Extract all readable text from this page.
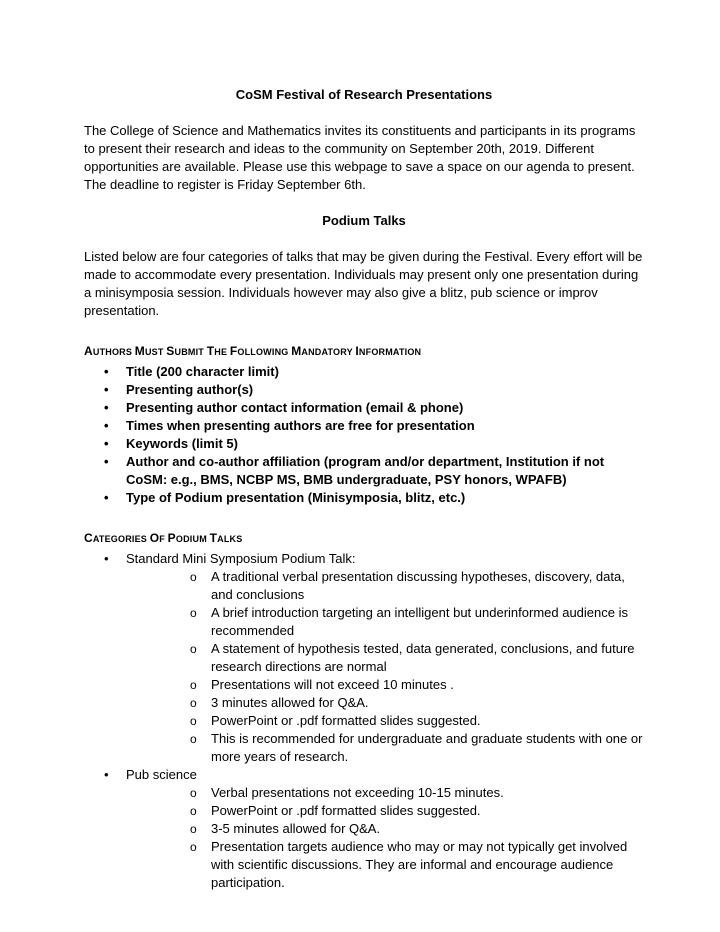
CoSM Festival of Research Presentations

The College of Science and Mathematics invites its constituents and participants in its programs to present their research and ideas to the community on September 20th, 2019. Different opportunities are available. Please use this webpage to save a space on our agenda to present. The deadline to register is Friday September 6th.

Podium Talks

Listed below are four categories of talks that may be given during the Festival. Every effort will be made to accommodate every presentation. Individuals may present only one presentation during a minisymposia session. Individuals however may also give a blitz, pub science or improv presentation.

AUTHORS MUST SUBMIT THE FOLLOWING MANDATORY INFORMATION
• Title (200 character limit)
• Presenting author(s)
• Presenting author contact information (email & phone)
• Times when presenting authors are free for presentation
• Keywords (limit 5)
• Author and co-author affiliation (program and/or department, Institution if not CoSM: e.g., BMS, NCBP MS, BMB undergraduate, PSY honors, WPAFB)
• Type of Podium presentation (Minisymposia, blitz, etc.)
CATEGORIES OF PODIUM TALKS
• Standard Mini Symposium Podium Talk:
o A traditional verbal presentation discussing hypotheses, discovery, data, and conclusions
o A brief introduction targeting an intelligent but underinformed audience is recommended
o A statement of hypothesis tested, data generated, conclusions, and future research directions are normal
o Presentations will not exceed 10 minutes .
o 3 minutes allowed for Q&A.
o PowerPoint or .pdf formatted slides suggested.
o This is recommended for undergraduate and graduate students with one or more years of research.
• Pub science
o Verbal presentations not exceeding 10-15 minutes.
o PowerPoint or .pdf formatted slides suggested.
o 3-5 minutes allowed for Q&A.
o Presentation targets audience who may or may not typically get involved with scientific discussions. They are informal and encourage audience participation.
